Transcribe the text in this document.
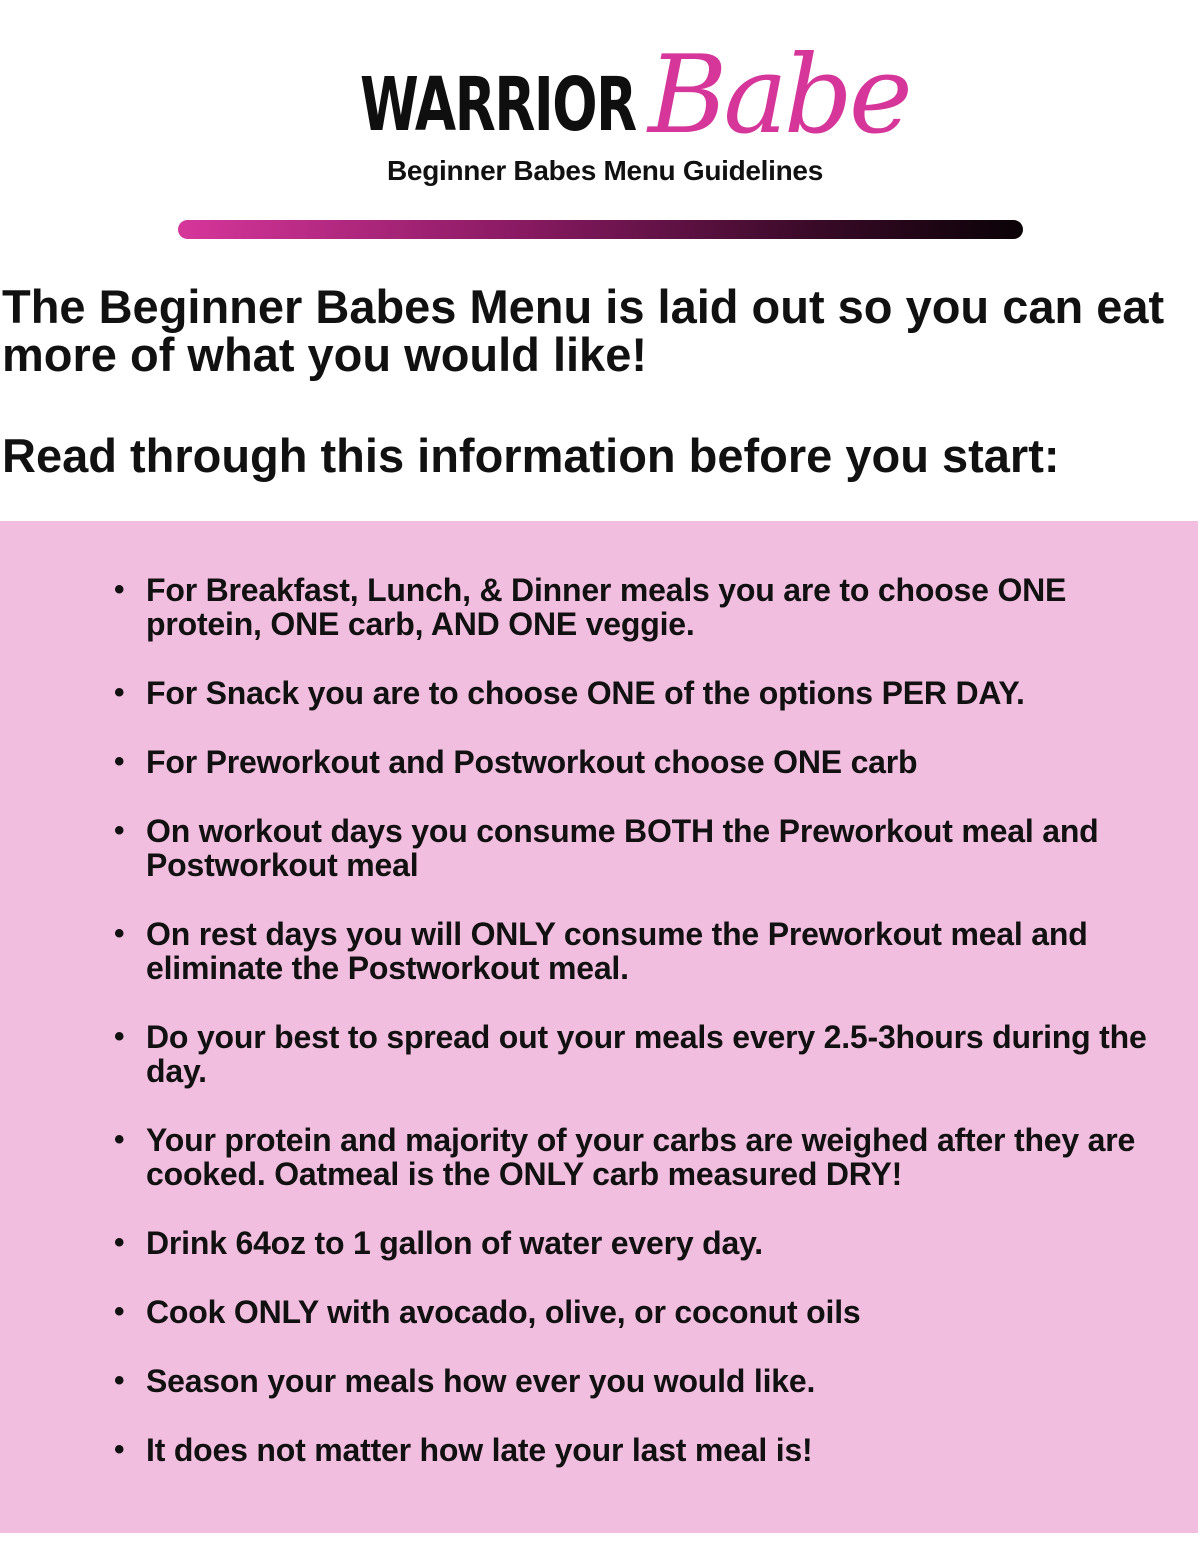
WARRIOR Babe
Beginner Babes Menu Guidelines
The Beginner Babes Menu is laid out so you can eat more of what you would like!
Read through this information before you start:
• For Breakfast, Lunch, & Dinner meals you are to choose ONE protein, ONE carb, AND ONE veggie.
• For Snack you are to choose ONE of the options PER DAY.
• For Preworkout and Postworkout choose ONE carb
• On workout days you consume BOTH the Preworkout meal and Postworkout meal
• On rest days you will ONLY consume the Preworkout meal and eliminate the Postworkout meal.
• Do your best to spread out your meals every 2.5-3hours during the day.
• Your protein and majority of your carbs are weighed after they are cooked. Oatmeal is the ONLY carb measured DRY!
• Drink 64oz to 1 gallon of water every day.
• Cook ONLY with avocado, olive, or coconut oils
• Season your meals how ever you would like.
• It does not matter how late your last meal is!
